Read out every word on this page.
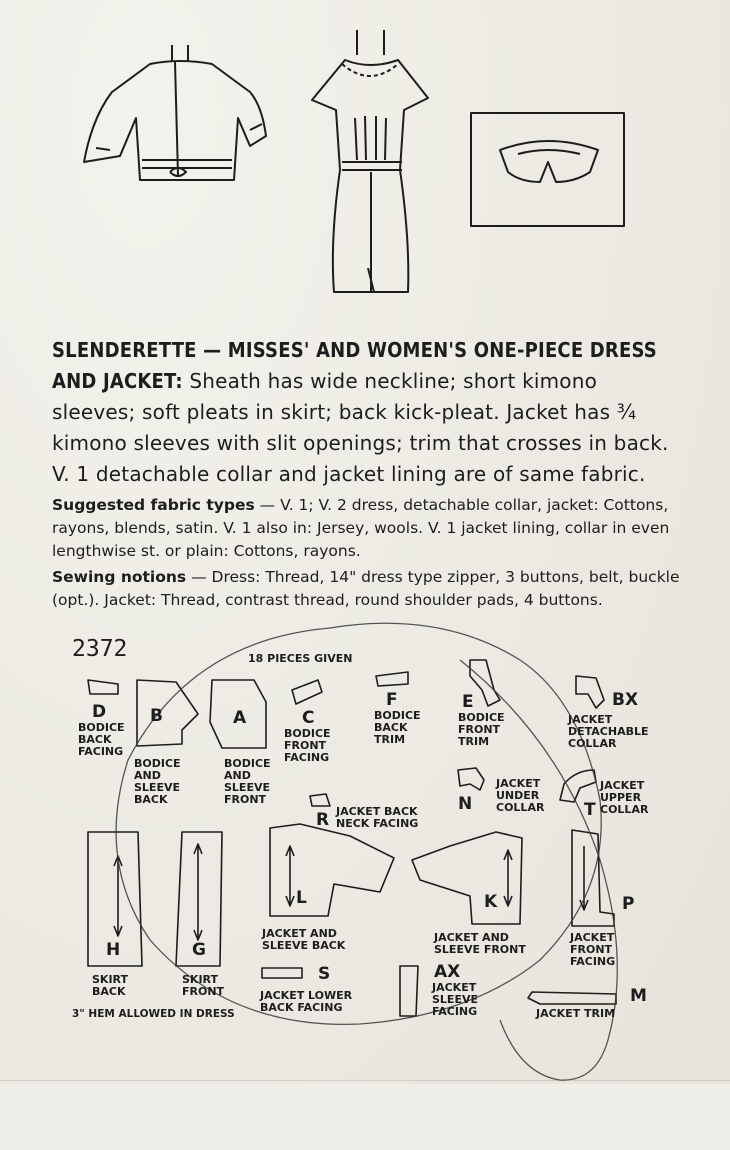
SLENDERETTE — MISSES' AND WOMEN'S ONE-PIECE DRESS AND JACKET: Sheath has wide neckline; short kimono sleeves; soft pleats in skirt; back kick-pleat. Jacket has ¾ kimono sleeves with slit openings; trim that crosses in back. V. 1 detachable collar and jacket lining are of same fabric.
Suggested fabric types — V. 1; V. 2 dress, detachable collar, jacket: Cottons, rayons, blends, satin. V. 1 also in: Jersey, wools. V. 1 jacket lining, collar in even lengthwise st. or plain: Cottons, rayons.
Sewing notions — Dress: Thread, 14" dress type zipper, 3 buttons, belt, buckle (opt.). Jacket: Thread, contrast thread, round shoulder pads, 4 buttons.
2372	18 PIECES GIVEN
D
BODICE BACK FACING
B
BODICE AND SLEEVE BACK
A
BODICE AND SLEEVE FRONT
C
BODICE FRONT FACING
F
BODICE BACK TRIM
E
BODICE FRONT TRIM
BX
JACKET DETACHABLE COLLAR
N
JACKET UNDER COLLAR T
JACKET UPPER COLLAR
R JACKET BACK NECK FACING
H
SKIRT BACK
G
SKIRT FRONT
L
JACKET AND SLEEVE BACK
K
JACKET AND SLEEVE FRONT
P
JACKET FRONT FACING
S
JACKET LOWER BACK FACING
AX
JACKET SLEEVE FACING
M
JACKET TRIM
3" HEM ALLOWED IN DRESS
